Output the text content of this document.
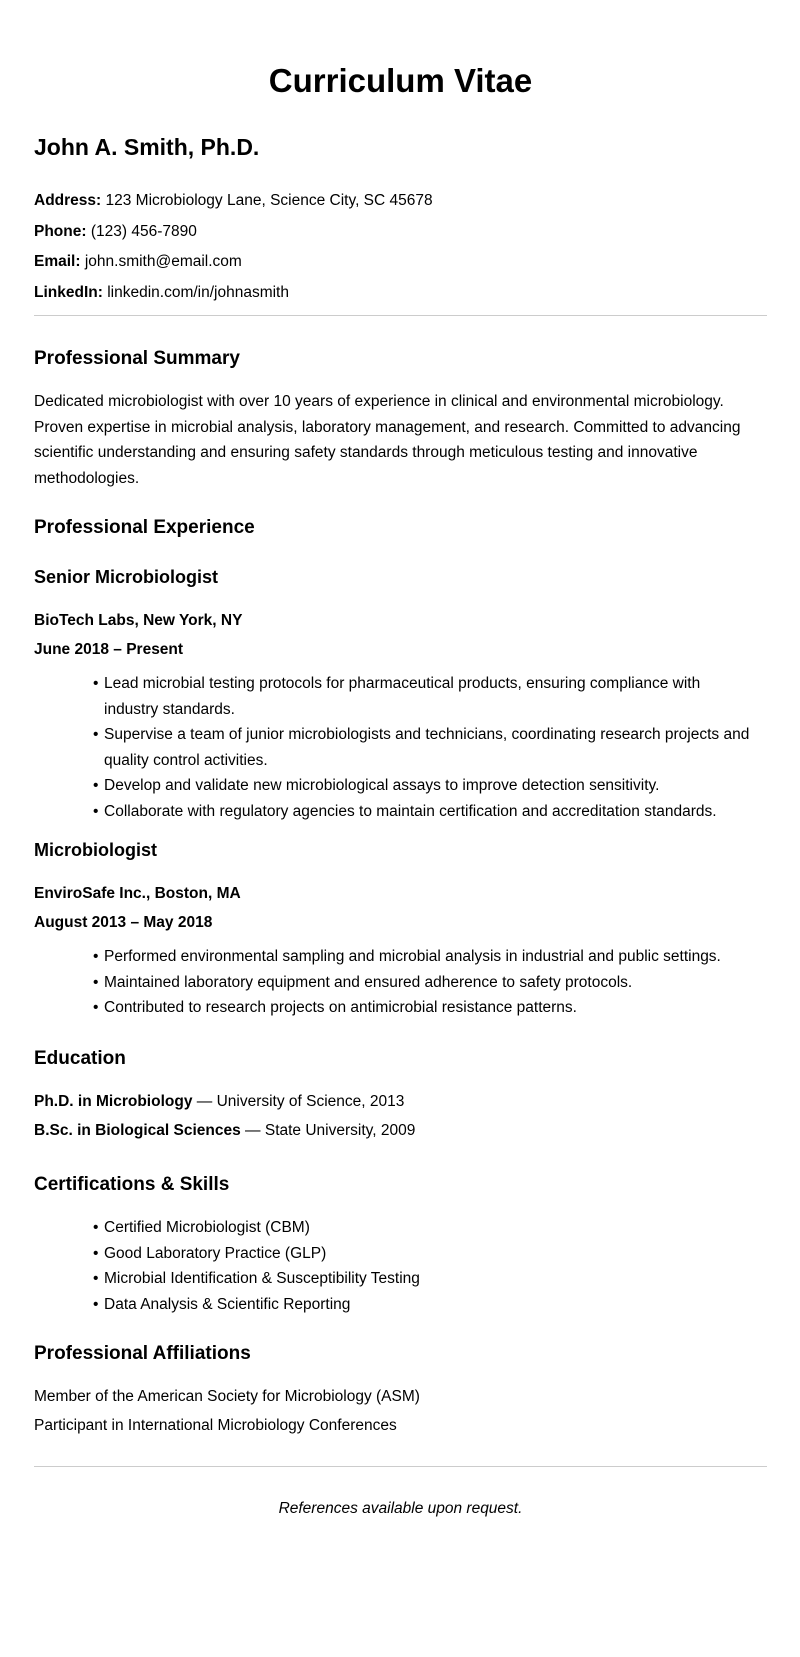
Curriculum Vitae
John A. Smith, Ph.D.
Address: 123 Microbiology Lane, Science City, SC 45678
Phone: (123) 456-7890
Email: john.smith@email.com
LinkedIn: linkedin.com/in/johnasmith
Professional Summary

Dedicated microbiologist with over 10 years of experience in clinical and environmental microbiology. Proven expertise in microbial analysis, laboratory management, and research. Committed to advancing scientific understanding and ensuring safety standards through meticulous testing and innovative methodologies.

Professional Experience
Senior Microbiologist
BioTech Labs, New York, NY
June 2018 – Present
• Lead microbial testing protocols for pharmaceutical products, ensuring compliance with industry standards.
• Supervise a team of junior microbiologists and technicians, coordinating research projects and quality control activities.
• Develop and validate new microbiological assays to improve detection sensitivity.
• Collaborate with regulatory agencies to maintain certification and accreditation standards.
Microbiologist
EnviroSafe Inc., Boston, MA
August 2013 – May 2018
• Performed environmental sampling and microbial analysis in industrial and public settings.
• Maintained laboratory equipment and ensured adherence to safety protocols.
• Contributed to research projects on antimicrobial resistance patterns.
Education
Ph.D. in Microbiology — University of Science, 2013
B.Sc. in Biological Sciences — State University, 2009
Certifications & Skills
• Certified Microbiologist (CBM)
• Good Laboratory Practice (GLP)
• Microbial Identification & Susceptibility Testing
• Data Analysis & Scientific Reporting
Professional Affiliations
Member of the American Society for Microbiology (ASM)
Participant in International Microbiology Conferences
References available upon request.
